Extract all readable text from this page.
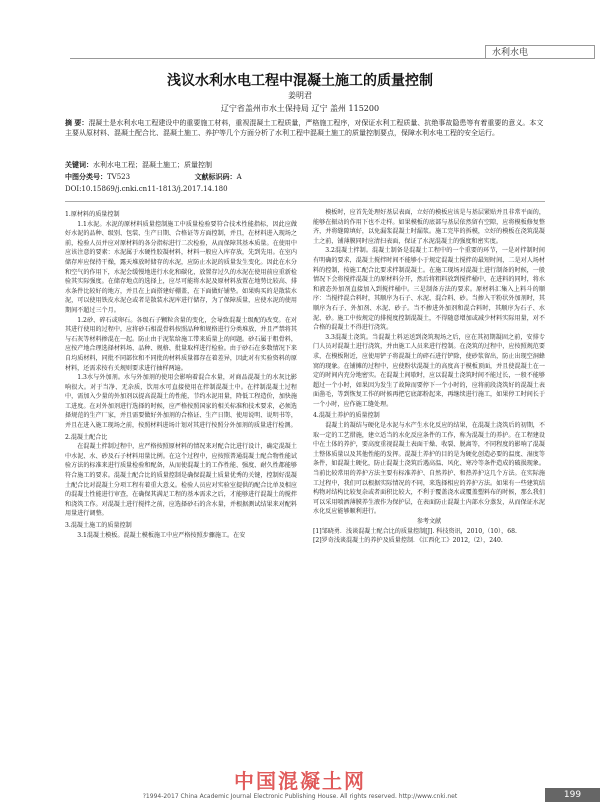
水利水电
浅议水利水电工程中混凝土施工的质量控制
姜明君
辽宁省盖州市水土保持局 辽宁 盖州 115200
摘 要：混凝土是水利水电工程建设中的重要施工材料，重视混凝土工程质量，严格施工程序，对保证水利工程质量、抗绝事故隐患等有着重要的意义。本文主要从原材料、混凝土配合比、混凝土施工、养护等几个方面分析了水利工程中混凝土施工的质量控制要点，保障水利水电工程的安全运行。
关键词：水利水电工程；混凝土施工；质量控制
中图分类号：TV523	文献标识码：A
DOI:10.15869/j.cnki.cn11-1813/j.2017.14.180

1.原材料的质量控制

1.1水泥。水泥的原材料质量控制施工中质量检验要符合技术性能指标，因此应做好水泥的品种、级别、包装、生产日期、合格证等方面控制，并且，在材料进入现场之前，检验人员并应对原材料的各分指标进行二次检验，从而保障其基本质量。在使用中应该注意的要素：水泥属于水硬性胶凝材料，材料一般应入库存放，先到先用。在室内储存库应保持干燥，露天堆放时储存的水泥，应防止水泥的质量发生变化。因此在水分和空气的作用下，水泥会缓慢地进行水化和碳化，放置存过久的水泥在使用前应重新检验其实际强度。在储存地点的选择上，应尽可能将水泥及原材料放置在地势比较高、排水条件比较好的地方，并且在上面搭建好棚盖，在下面做好铺垫。如果购买的是散装水泥，可以使用铁皮水泥仓或者是散装水泥库进行储存，为了保障质量，应使水泥的使用期间不超过三个月。

1.2砂、碎石或卵石。各级石子颗粒含量的变化，会导致混凝土级配的改变。在对其进行使用的过程中，应将砂石相混骨料按照品种和规格进行分类堆放，并且严禁将其与石灰等材料掺混在一起。防止由于泥浆给施工带来质量上的问题。砂石属于粗骨料，应按产地合理选择材料场、品种、规格、批量取样进行检验。由于砂石在多数情况下来自均质材料，同批不同部位和不同批的材料质量都存在着差异，因此对有实验资料的原材料，还需求按有关规则要求进行抽样两遍。

1.3水与外加剂。水与外加剂的使用会影响着混合水量，对商品混凝土的水灰比影响很大。对于当净、无杂质，饮用水可直接使用在拌制混凝土中。在拌制混凝土过程中，需加入少量的外加剂以提高混凝土的性能，节约水泥用量，降低工程造价，加快施工进度。在对外加剂进行选择的时候，应严格按照国家的相关标准和技术要求，必须选择规范的生产厂家，并且需要做好外加剂的合格证、生产日期、使用说明、说明书等，并且在进入施工现场之前，按照材料进场计划对其进行按照分外加剂的质量进行检测。

2.混凝土配合比

在混凝土拌制过程中，应严格按照原材料的情况来对配合比进行设计，确定混凝土中水泥、水、砂及石子材料用量比例。在这个过程中，应按照普通混凝土配合物性能试验方法的标准来进行质量检验和配备，从而使混凝土的工作性能、强度、耐久性都能够符合施工的要求。混凝土配合比的质量控制是确保混凝土质量优秀的关键，控制好混凝土配合比对混凝土分项工程有着重大意义。检验人员应对实验室提供的配合比单及相应的混凝土性能进行审查，在确保其满足工程的基本需求之后，才能够进行混凝土的搅拌和浇筑工作。对混凝土进行搅拌之前，应选择砂石的含水量，并根据测试结果来对配料用量进行调整。

3.混凝土施工的质量控制

3.1混凝土模板。混凝土模板施工中应严格按照步骤施工。在安

模板时，应首先处理好基层表面，立好的模板应该是与基层紧贴并且非常平面的，能够在振动的作用下也不走样。如果模板的底部与基层依然留有空隙，应将模板修复整齐，并将缝隙填好，以免漏浆混凝土时漏浆。施工完毕的拆模，立好的模板在浇筑混凝土之前，铺薄膜同时应清扫表面，保证了水泥混凝土的强度和密实度。

3.2混凝土拌制。混凝土制备是混凝土工程中的一个重要的环节，一是对拌制时间有明确的要求，混凝土搅拌时间不能够小于规定混凝土搅拌的最短时间，二是对人场材料的控制，按施工配合比要求拌制混凝土。在施工现场对混凝土进行制备的时候，一般情况下会将搅拌混凝土的原材料分开，然后将粗料放到搅拌桶中，在进料的同时，将水和液态外加剂直接加入到搅拌桶中。三是制备方法的要求。原材料汇集入上料斗的顺序：当搅拌混合料时，其顺序为石子、水泥、混合料、砂。当掺入干粉状外加剂时，其顺序为石子、外加剂、水泥、砂子。当不掺进外加剂和混合料时，其顺序为石子、水泥、砂。施工中按规定的排搅度控制混凝土，不得随意增加或减少材料实际用量，对不合格的混凝土不得进行浇筑。

3.3混凝土浇筑。当混凝土料运送到浇筑现场之后，应在其初期凝固之前，安排专门人员对混凝土进行浇筑，并由施工人员来进行控制。在浇筑的过程中，应按照规范要求，在模板附近，应使用铲子将混凝土的碎石进行铲除，使砂浆留出，防止出现空洞蜂窝的现象。在铺摊的过程中，应使粉状混凝土的高度高于模板顶面，并且使混凝土在一定的时间内充分地密实。在混凝土间歇时，应以混凝土浇筑时间不能过长，一般不能够超过一个小时，如果因为发生了故障而要停下一个小时的，应将前段浇筑好的混凝土表面凿毛，等到恢复工作的时候再把它底部粉起来，再继续进行施工，如果停工时间长于一个小时，应作施工缝处理。

4.混凝土养护的质量控制

混凝土的凝结与硬化是水泥与水产生水化反应的结果，在混凝土浇筑后的初期，不取一定的工艺措施，建立适当的水化反应条件的工作，称为混凝土的养护。在工程建设中在土体的养护，要高度重视混凝土表面干燥、收裂、脱离等，不同程度的影响了混凝土整体质量以及其他性能的发挥。混凝土养护的目的是为硬化创造必要的温度、湿度等条件，如混凝土硬化，防止混凝土浇筑后遇高温、风化、寒冷等条件造成的破损现象。当前比较常用的养护方法主要有标准养护、自然养护、和热养护这几个方法。在实际施工过程中，我们可以根据实际情况的不同，来选择相应的养护方法。如果有一些建筑结构物对结构比较复杂或者面积比较大，不利于覆盖浇水或覆盖塑料布的时候，那么我们可以采用喷洒薄膜养生液作为保护层，在表面防止混凝土内部水分蒸发，从而保证水泥水化反应能够顺利进行。

参考文献

[1]邹晓勇．浅谈混凝土配合比的质量控制[J]. 科技资讯，2010,（10），68.

[2]罗奇浅谈混凝土的养护及质量控制．《江西化工》2012,（2），240.

中国混凝土网
199
?1994-2017 China Academic Journal Electronic Publishing House. All rights reserved. http://www.cnki.net
